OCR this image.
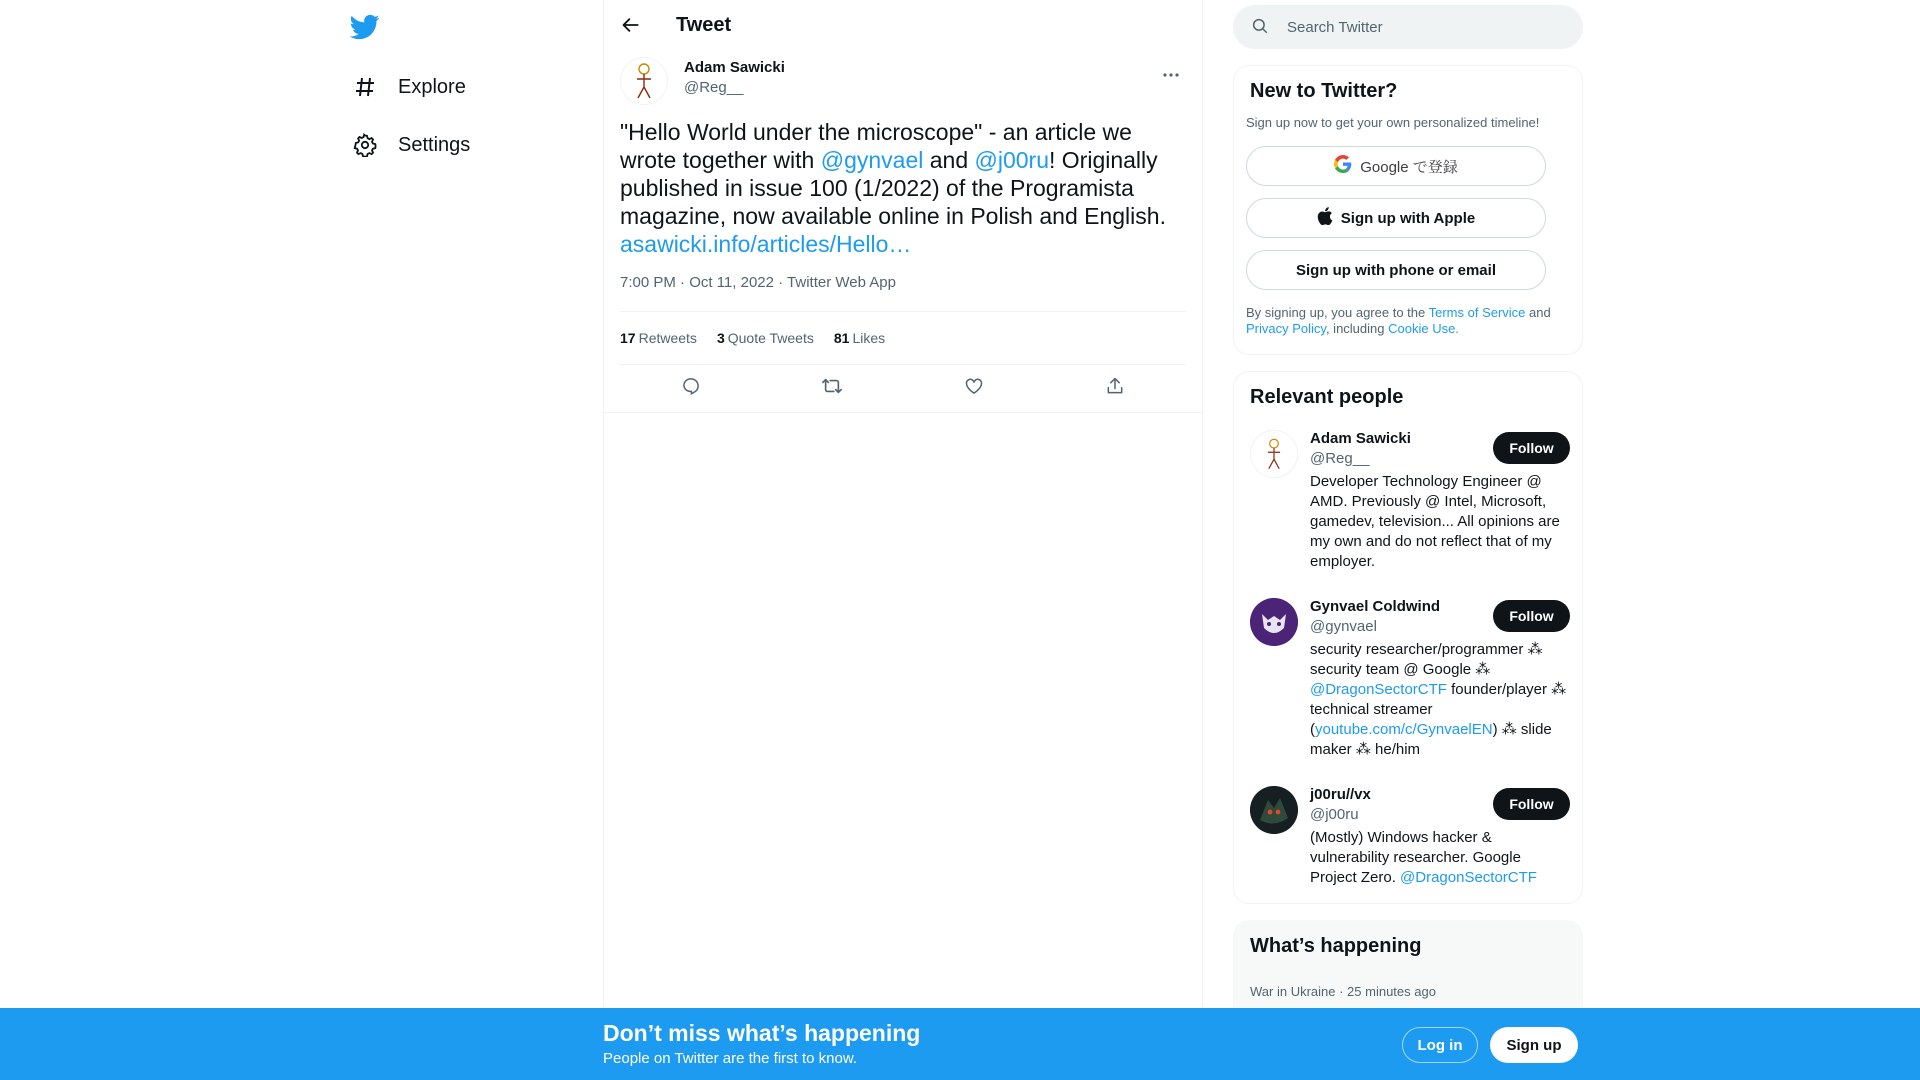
Explore
Settings
Tweet
Adam Sawicki
@Reg__
"Hello World under the microscope" - an article we wrote together with @gynvael and @j00ru! Originally published in issue 100 (1/2022) of the Programista magazine, now available online in Polish and English.
asawicki.info/articles/Hello…
7:00 PM · Oct 11, 2022 · Twitter Web App
17 Retweets 3 Quote Tweets 81 Likes
Search Twitter
New to Twitter?
Sign up now to get your own personalized timeline!
Google で登録
Sign up with Apple
Sign up with phone or email
By signing up, you agree to the Terms of Service and Privacy Policy, including Cookie Use.
Relevant people
Adam Sawicki
@Reg__
Follow
Developer Technology Engineer @ AMD. Previously @ Intel, Microsoft, gamedev, television... All opinions are my own and do not reflect that of my employer.
Gynvael Coldwind
@gynvael
Follow
security researcher/programmer ⁂ security team @ Google ⁂ @DragonSectorCTF founder/player ⁂ technical streamer (youtube.com/c/GynvaelEN) ⁂ slide maker ⁂ he/him
j00ru//vx
@j00ru
Follow
(Mostly) Windows hacker & vulnerability researcher. Google Project Zero. @DragonSectorCTF
What’s happening
War in Ukraine · 25 minutes ago
Don’t miss what’s happening
People on Twitter are the first to know.
Log in	Sign up
